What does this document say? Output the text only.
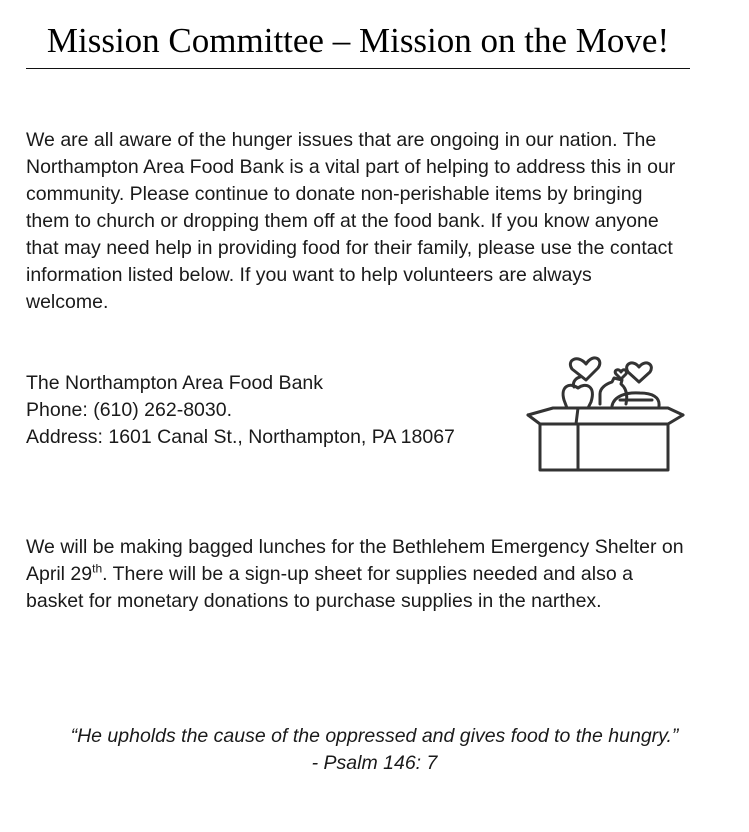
Mission Committee – Mission on the Move!

We are all aware of the hunger issues that are ongoing in our nation. The
Northampton Area Food Bank is a vital part of helping to address this in our
community. Please continue to donate non-perishable items by bringing
them to church or dropping them off at the food bank. If you know anyone
that may need help in providing food for their family, please use the contact
information listed below. If you want to help volunteers are always
welcome.

The Northampton Area Food Bank
Phone: (610) 262-8030.
Address: 1601 Canal St., Northampton, PA 18067

We will be making bagged lunches for the Bethlehem Emergency Shelter on
April 29th. There will be a sign-up sheet for supplies needed and also a
basket for monetary donations to purchase supplies in the narthex.

“He upholds the cause of the oppressed and gives food to the hungry.”
- Psalm 146: 7
